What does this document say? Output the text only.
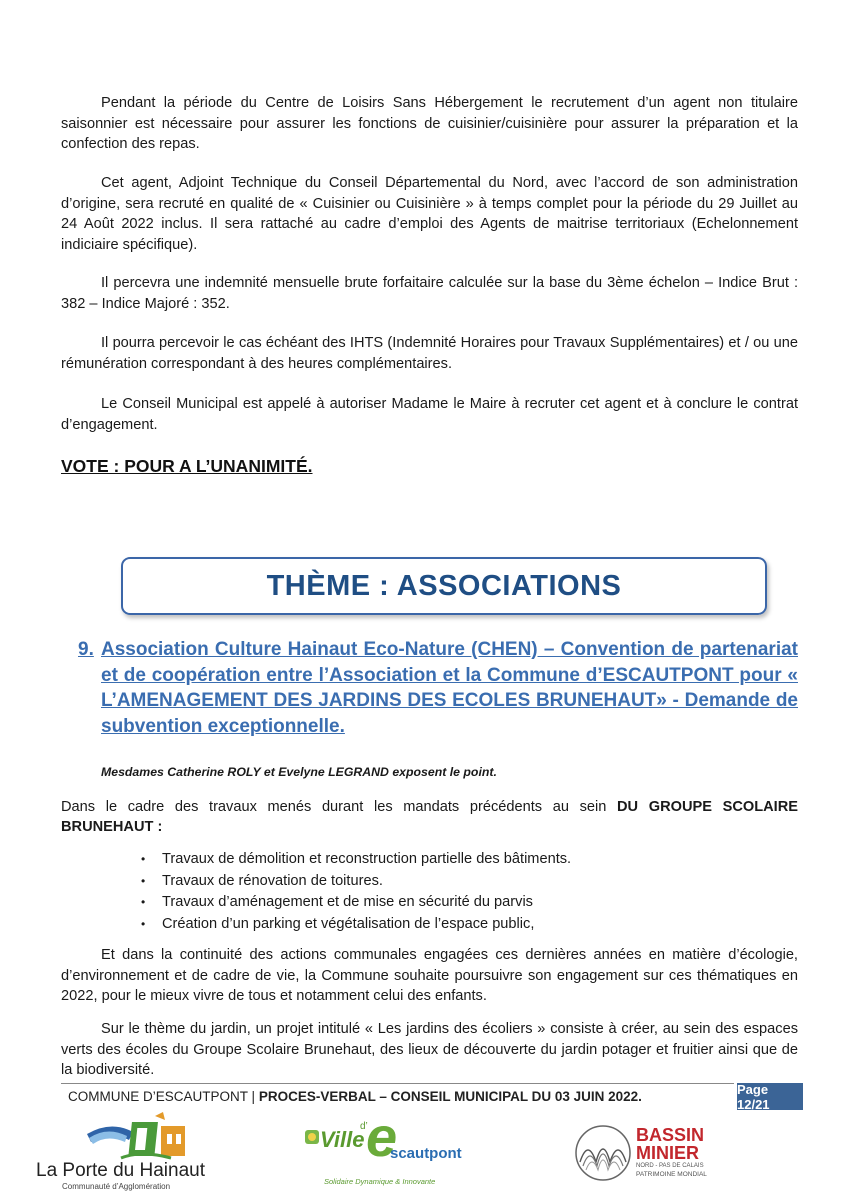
Pendant la période du Centre de Loisirs Sans Hébergement le recrutement d’un agent non titulaire saisonnier est nécessaire pour assurer les fonctions de cuisinier/cuisinière pour assurer la préparation et la confection des repas.

Cet agent, Adjoint Technique du Conseil Départemental du Nord, avec l’accord de son administration d’origine, sera recruté en qualité de « Cuisinier ou Cuisinière » à temps complet pour la période du 29 Juillet au 24 Août 2022 inclus. Il sera rattaché au cadre d’emploi des Agents de maitrise territoriaux (Echelonnement indiciaire spécifique).

Il percevra une indemnité mensuelle brute forfaitaire calculée sur la base du 3ème échelon – Indice Brut : 382 – Indice Majoré : 352.

Il pourra percevoir le cas échéant des IHTS (Indemnité Horaires pour Travaux Supplémentaires) et / ou une rémunération correspondant à des heures complémentaires.

Le Conseil Municipal est appelé à autoriser Madame le Maire à recruter cet agent et à conclure le contrat d’engagement.

VOTE : POUR A L’UNANIMITÉ.

THÈME : ASSOCIATIONS
9. Association Culture Hainaut Eco-Nature (CHEN) – Convention de partenariat et de coopération entre l’Association et la Commune d’ESCAUTPONT pour « L’AMENAGEMENT DES JARDINS DES ECOLES BRUNEHAUT» - Demande de subvention exceptionnelle.

Mesdames Catherine ROLY et Evelyne LEGRAND exposent le point.

Dans le cadre des travaux menés durant les mandats précédents au sein DU GROUPE SCOLAIRE BRUNEHAUT :

• Travaux de démolition et reconstruction partielle des bâtiments.
• Travaux de rénovation de toitures.
• Travaux d’aménagement et de mise en sécurité du parvis
• Création d’un parking et végétalisation de l’espace public,

Et dans la continuité des actions communales engagées ces dernières années en matière d’écologie, d’environnement et de cadre de vie, la Commune souhaite poursuivre son engagement sur ces thématiques en 2022, pour le mieux vivre de tous et notamment celui des enfants.

Sur le thème du jardin, un projet intitulé « Les jardins des écoliers » consiste à créer, au sein des espaces verts des écoles du Groupe Scolaire Brunehaut, des lieux de découverte du jardin potager et fruitier ainsi que de la biodiversité.

COMMUNE D’ESCAUTPONT | PROCES-VERBAL – CONSEIL MUNICIPAL DU 03 JUIN 2022.	Page 12/21

La Porte du Hainaut

Communauté d’Agglomération

Ville

d’

e

scautpont

Solidaire Dynamique & Innovante

BASSIN

MINIER

NORD - PAS DE CALAIS

PATRIMOINE MONDIAL
